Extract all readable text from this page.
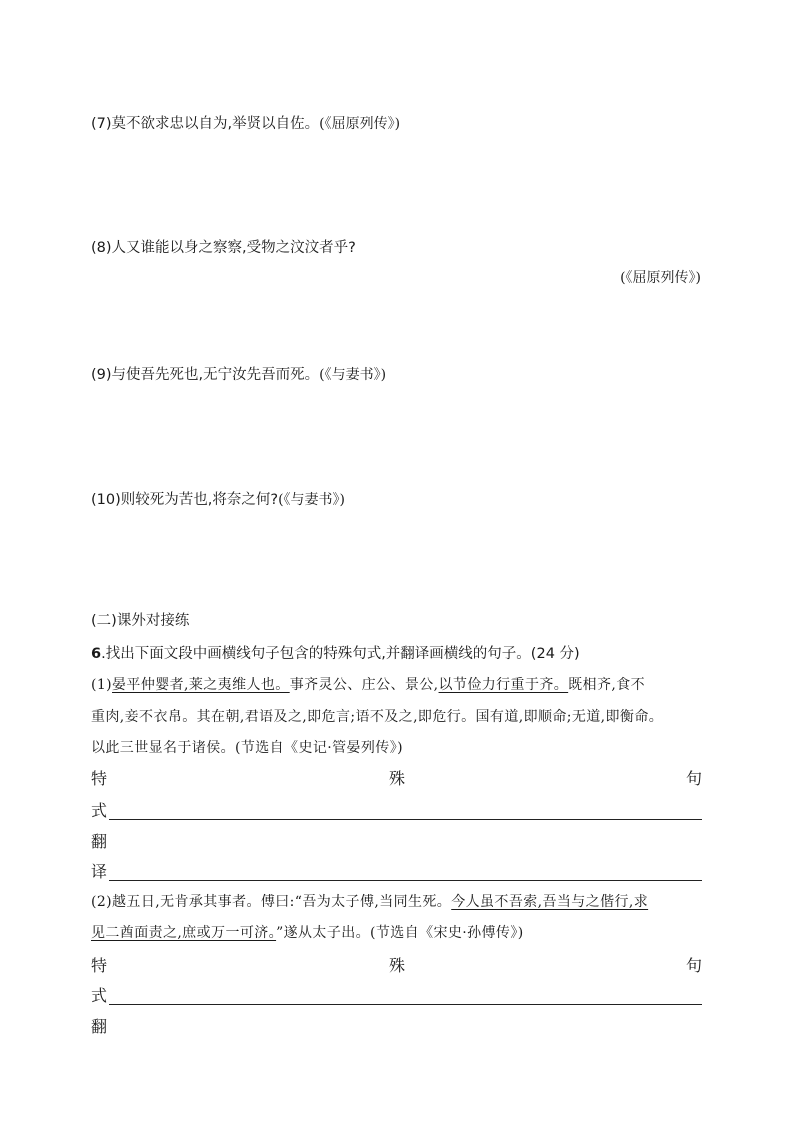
(7)莫不欲求忠以自为,举贤以自佐。(《屈原列传》)
(8)人又谁能以身之察察,受物之汶汶者乎?
(《屈原列传》)
(9)与使吾先死也,无宁汝先吾而死。(《与妻书》)
(10)则较死为苦也,将奈之何?(《与妻书》)
(二)课外对接练
6.找出下面文段中画横线句子包含的特殊句式,并翻译画横线的句子。(24 分)
(1)晏平仲婴者,莱之夷维人也。事齐灵公、庄公、景公,以节俭力行重于齐。既相齐,食不
重肉,妾不衣帛。其在朝,君语及之,即危言;语不及之,即危行。国有道,即顺命;无道,即衡命。
以此三世显名于诸侯。(节选自《史记·管晏列传》)
特	殊	句
式
翻
译
(2)越五日,无肯承其事者。傅曰:“吾为太子傅,当同生死。今人虽不吾索,吾当与之偕行,求
见二酋面责之,庶或万一可济。”遂从太子出。(节选自《宋史·孙傅传》)
特	殊	句
式
翻
